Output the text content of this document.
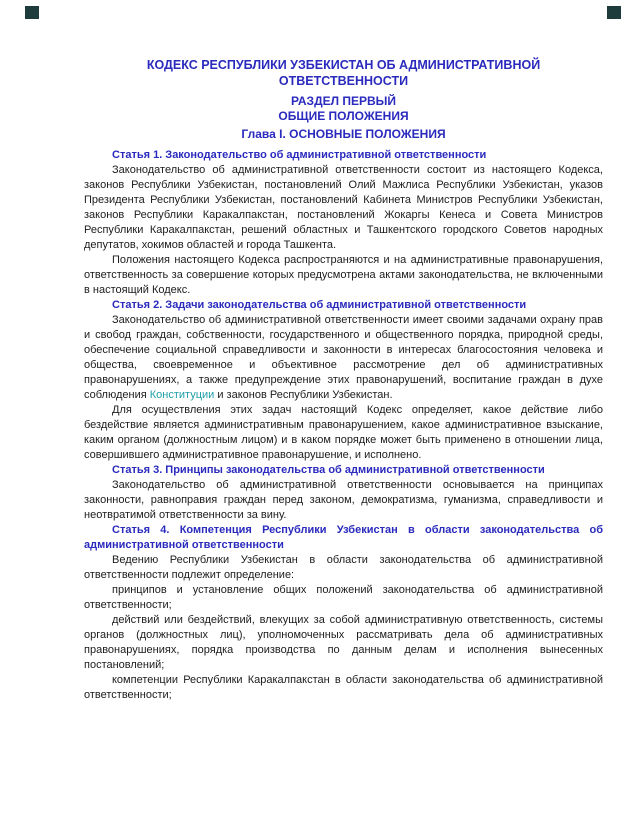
КОДЕКС РЕСПУБЛИКИ УЗБЕКИСТАН ОБ АДМИНИСТРАТИВНОЙ ОТВЕТСТВЕННОСТИ
РАЗДЕЛ ПЕРВЫЙ
ОБЩИЕ ПОЛОЖЕНИЯ
Глава I. ОСНОВНЫЕ ПОЛОЖЕНИЯ

Статья 1. Законодательство об административной ответственности

Законодательство об административной ответственности состоит из настоящего Кодекса, законов Республики Узбекистан, постановлений Олий Мажлиса Республики Узбекистан, указов Президента Республики Узбекистан, постановлений Кабинета Министров Республики Узбекистан, законов Республики Каракалпакстан, постановлений Жокаргы Кенеса и Совета Министров Республики Каракалпакстан, решений областных и Ташкентского городского Советов народных депутатов, хокимов областей и города Ташкента.

Положения настоящего Кодекса распространяются и на административные правонарушения, ответственность за совершение которых предусмотрена актами законодательства, не включенными в настоящий Кодекс.

Статья 2. Задачи законодательства об административной ответственности

Законодательство об административной ответственности имеет своими задачами охрану прав и свобод граждан, собственности, государственного и общественного порядка, природной среды, обеспечение социальной справедливости и законности в интересах благосостояния человека и общества, своевременное и объективное рассмотрение дел об административных правонарушениях, а также предупреждение этих правонарушений, воспитание граждан в духе соблюдения Конституции и законов Республики Узбекистан.

Для осуществления этих задач настоящий Кодекс определяет, какое действие либо бездействие является административным правонарушением, какое административное взыскание, каким органом (должностным лицом) и в каком порядке может быть применено в отношении лица, совершившего административное правонарушение, и исполнено.

Статья 3. Принципы законодательства об административной ответственности

Законодательство об административной ответственности основывается на принципах законности, равноправия граждан перед законом, демократизма, гуманизма, справедливости и неотвратимой ответственности за вину.

Статья 4. Компетенция Республики Узбекистан в области законодательства об административной ответственности

Ведению Республики Узбекистан в области законодательства об административной ответственности подлежит определение:

принципов и установление общих положений законодательства об административной ответственности;

действий или бездействий, влекущих за собой административную ответственность, системы органов (должностных лиц), уполномоченных рассматривать дела об административных правонарушениях, порядка производства по данным делам и исполнения вынесенных постановлений;

компетенции Республики Каракалпакстан в области законодательства об административной ответственности;
